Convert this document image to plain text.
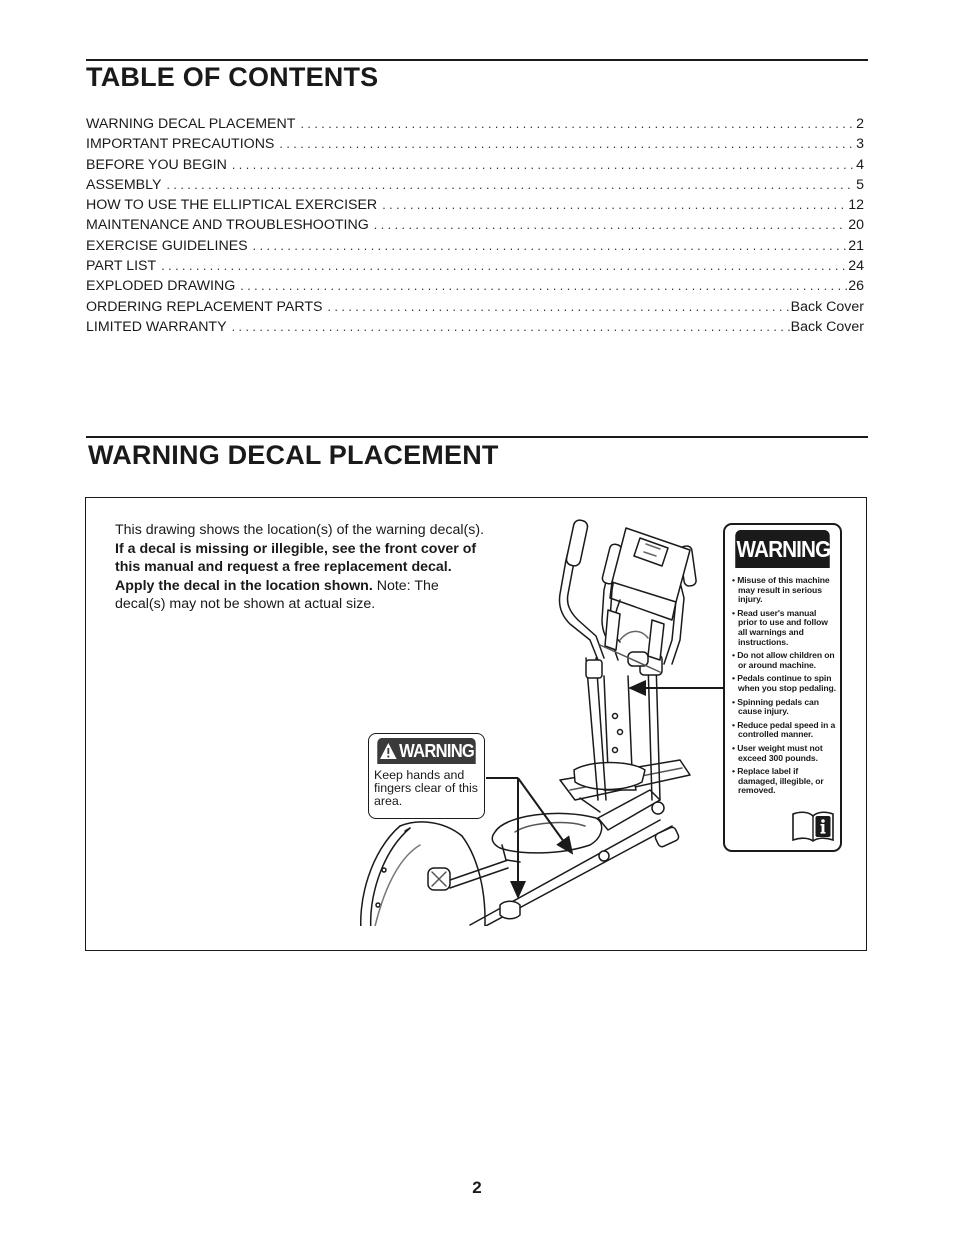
TABLE OF CONTENTS
WARNING DECAL PLACEMENT . . .	2
IMPORTANT PRECAUTIONS . . .	3
BEFORE YOU BEGIN . . .	4
ASSEMBLY . . .	5
HOW TO USE THE ELLIPTICAL EXERCISER . . .	12
MAINTENANCE AND TROUBLESHOOTING . . .	20
EXERCISE GUIDELINES . . .	21
PART LIST . . .	24
EXPLODED DRAWING . . .	26
ORDERING REPLACEMENT PARTS . . .	Back Cover
LIMITED WARRANTY . . .	Back Cover
WARNING DECAL PLACEMENT
This drawing shows the location(s) of the warning decal(s). If a decal is missing or illegible, see the front cover of this manual and request a free replacement decal. Apply the decal in the location shown. Note: The decal(s) may not be shown at actual size.
WARNING
Keep hands and fingers clear of this area.
WARNING
• Misuse of this machine may result in serious injury.
• Read user's manual prior to use and follow all warnings and instructions.
• Do not allow children on or around machine.
• Pedals continue to spin when you stop pedaling.
• Spinning pedals can cause injury.
• Reduce pedal speed in a controlled manner.
• User weight must not exceed 300 pounds.
• Replace label if damaged, illegible, or removed.
2
